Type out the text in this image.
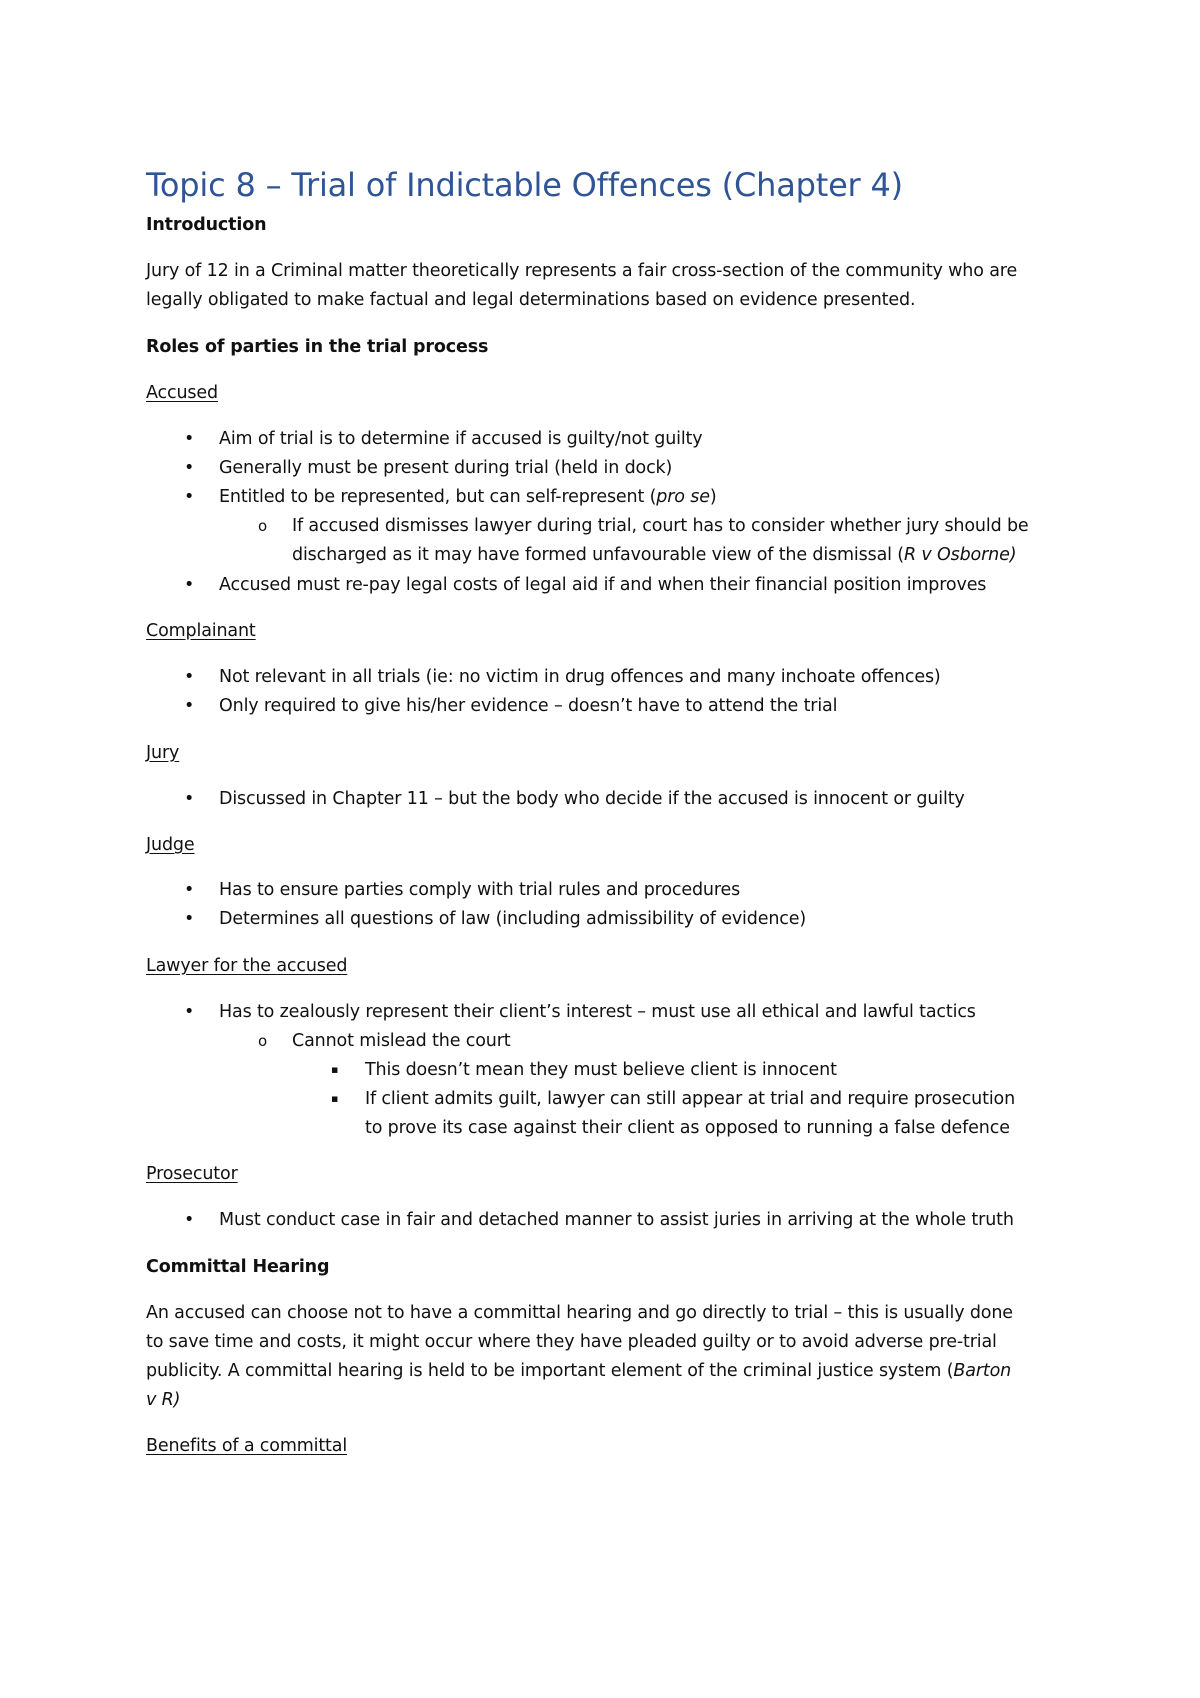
Topic 8 – Trial of Indictable Offences (Chapter 4)
Introduction
Jury of 12 in a Criminal matter theoretically represents a fair cross-section of the community who are
legally obligated to make factual and legal determinations based on evidence presented.
Roles of parties in the trial process
Accused
• Aim of trial is to determine if accused is guilty/not guilty
• Generally must be present during trial (held in dock)
• Entitled to be represented, but can self-represent (pro se)
o If accused dismisses lawyer during trial, court has to consider whether jury should be
discharged as it may have formed unfavourable view of the dismissal (R v Osborne)
• Accused must re-pay legal costs of legal aid if and when their financial position improves
Complainant
• Not relevant in all trials (ie: no victim in drug offences and many inchoate offences)
• Only required to give his/her evidence – doesn’t have to attend the trial
Jury
• Discussed in Chapter 11 – but the body who decide if the accused is innocent or guilty
Judge
• Has to ensure parties comply with trial rules and procedures
• Determines all questions of law (including admissibility of evidence)
Lawyer for the accused
• Has to zealously represent their client’s interest – must use all ethical and lawful tactics
o Cannot mislead the court
▪ This doesn’t mean they must believe client is innocent
▪ If client admits guilt, lawyer can still appear at trial and require prosecution
to prove its case against their client as opposed to running a false defence
Prosecutor
• Must conduct case in fair and detached manner to assist juries in arriving at the whole truth
Committal Hearing
An accused can choose not to have a committal hearing and go directly to trial – this is usually done
to save time and costs, it might occur where they have pleaded guilty or to avoid adverse pre-trial
publicity. A committal hearing is held to be important element of the criminal justice system (Barton
v R)
Benefits of a committal
